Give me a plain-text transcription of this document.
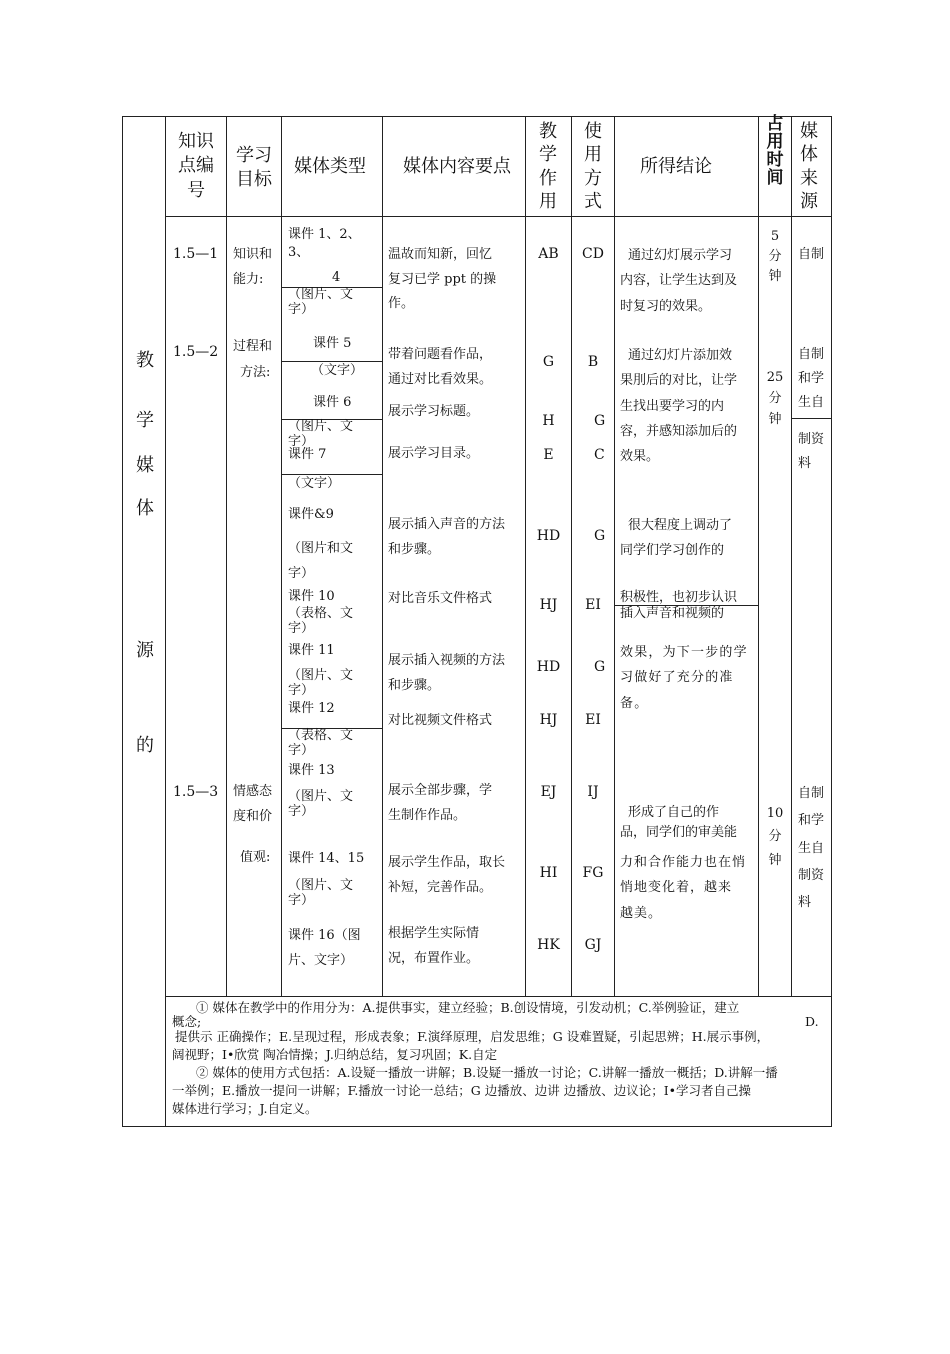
知识
点编
号
学习
目标
媒体类型 媒体内容要点
教
学
作
用
使
用
方
式
所得结论
占
用
时
间
媒
体
来
源
教
学
媒
体
源
的
1.5—1
1.5—2
1.5—3
知识和
能力:
过程和
方法:
情感态
度和价
值观:
课件 1、2、
3、
4
（图片、文
字）
课件 5
（文字）
课件 6
（图片、文
字）
课件 7
（文字）
课件&9
（图片和文
字）
课件 10
（表格、文
字）
课件 11
（图片、文
字）
课件 12
（表格、文
字）
课件 13
（图片、文
字）
课件 14、15
（图片、文
字）
课件 16（图
片、文字）
温故而知新，回忆
复习已学 ppt 的操
作。
带着问题看作品，
通过对比看效果。
展示学习标题。
展示学习目录。
展示插入声音的方法
和步骤。
对比音乐文件格式
展示插入视频的方法
和步骤。
对比视频文件格式
展示全部步骤，学
生制作作品。
展示学生作品，取长
补短，完善作品。
根据学生实际情
况，布置作业。
AB
G
H
E
HD
HJ
HD
HJ
EJ
HI
HK
CD
B
G
C
G
EI
G
EI
IJ
FG
GJ
通过幻灯展示学习
内容，让学生达到及
时复习的效果。
通过幻灯片添加效
果刖后的对比，让学
生找出要学习的内
容，并感知添加后的
效果。
很大程度上调动了
同学们学习创作的
积极性，也初步认识
插入声音和视频的
效果，为下一步的学
习做好了充分的准
备。
形成了自己的作
品，同学们的审美能
力和合作能力也在悄
悄地变化着，越来
越美。
5
分
钟
25
分
钟
10
分
钟
自制
自制
和学
生自
制资
料
自制
和学
生自
制资
料
① 媒体在教学中的作用分为：A.提供事实，建立经验；B.创设情境，引发动机；C.举例验证，建立
概念;	D.
提供示 正确操作；E.呈现过程，形成表象；F.演绎原理，启发思维；G 设难置疑，引起思辨；H.展示事例，
阔视野；I•欣赏 陶冶情操；J.归纳总结，复习巩固；K.自定
② 媒体的使用方式包括：A.设疑一播放一讲解；B.设疑一播放一讨论；C.讲解一播放一概括；D.讲解一播
一举例；E.播放一提问一讲解；F.播放一讨论一总结；G 边播放、边讲 边播放、边议论；I•学习者自己操
媒体进行学习；J.自定义。
